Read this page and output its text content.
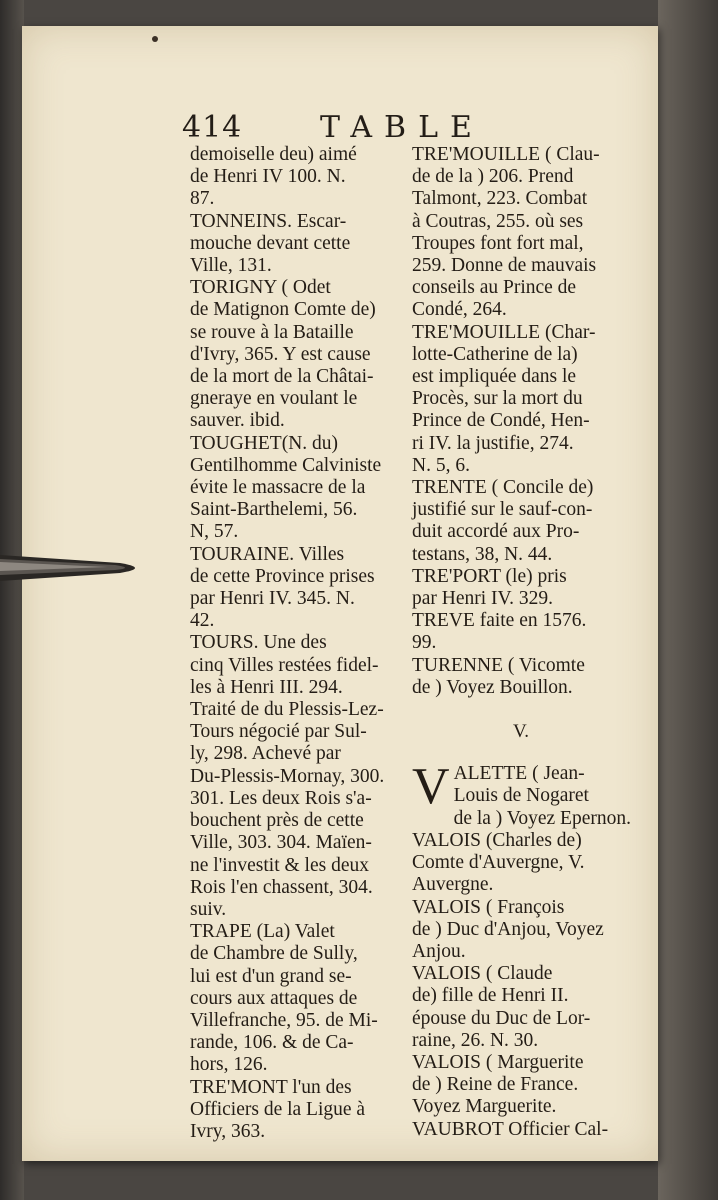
414	TABLE
demoiselle deu) aimé
de Henri IV 100. N.
87.
TONNEINS. Escar-
mouche devant cette
Ville, 131.
TORIGNY ( Odet
de Matignon Comte de)
se rouve à la Bataille
d'Ivry, 365. Y est cause
de la mort de la Châtai-
gneraye en voulant le
sauver. ibid.
TOUGHET(N. du)
Gentilhomme Calviniste
évite le massacre de la
Saint-Barthelemi, 56.
N, 57.
TOURAINE. Villes
de cette Province prises
par Henri IV. 345. N.
42.
TOURS. Une des
cinq Villes restées fidel-
les à Henri III. 294.
Traité de du Plessis-Lez-
Tours négocié par Sul-
ly, 298. Achevé par
Du-Plessis-Mornay, 300.
301. Les deux Rois s'a-
bouchent près de cette
Ville, 303. 304. Maïen-
ne l'investit & les deux
Rois l'en chassent, 304.
suiv.
TRAPE (La) Valet
de Chambre de Sully,
lui est d'un grand se-
cours aux attaques de
Villefranche, 95. de Mi-
rande, 106. & de Ca-
hors, 126.
TRE'MONT l'un des
Officiers de la Ligue à
Ivry, 363.
TRE'MOUILLE ( Clau-
de de la ) 206. Prend
Talmont, 223. Combat
à Coutras, 255. où ses
Troupes font fort mal,
259. Donne de mauvais
conseils au Prince de
Condé, 264.
TRE'MOUILLE (Char-
lotte-Catherine de la)
est impliquée dans le
Procès, sur la mort du
Prince de Condé, Hen-
ri IV. la justifie, 274.
N. 5, 6.
TRENTE ( Concile de)
justifié sur le sauf-con-
duit accordé aux Pro-
testans, 38, N. 44.
TRE'PORT (le) pris
par Henri IV. 329.
TREVE faite en 1576.
99.
TURENNE ( Vicomte
de ) Voyez Bouillon.
V.
V ALETTE ( Jean-
Louis de Nogaret
de la ) Voyez Epernon.
VALOIS (Charles de)
Comte d'Auvergne, V.
Auvergne.
VALOIS ( François
de ) Duc d'Anjou, Voyez
Anjou.
VALOIS ( Claude
de) fille de Henri II.
épouse du Duc de Lor-
raine, 26. N. 30.
VALOIS ( Marguerite
de ) Reine de France.
Voyez Marguerite.
VAUBROT Officier Cal-
